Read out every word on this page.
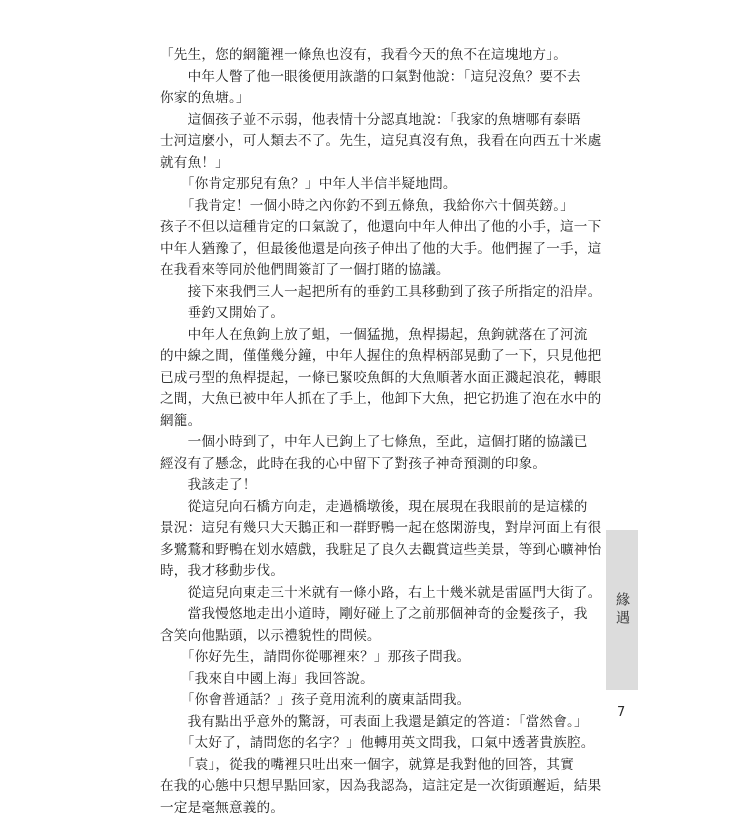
「先生，您的網籠裡一條魚也沒有，我看今天的魚不在這塊地方」。
　　中年人瞥了他一眼後便用詼諧的口氣對他說：「這兒沒魚？要不去
你家的魚塘。」
　　這個孩子並不示弱，他表情十分認真地說：「我家的魚塘哪有泰晤
士河這麼小，可人類去不了。先生，這兒真沒有魚，我看在向西五十米處
就有魚！」
　　「你肯定那兒有魚？」中年人半信半疑地問。
　　「我肯定！一個小時之內你釣不到五條魚，我給你六十個英鎊。」
孩子不但以這種肯定的口氣說了，他還向中年人伸出了他的小手，這一下
中年人猶豫了，但最後他還是向孩子伸出了他的大手。他們握了一手，這
在我看來等同於他們間簽訂了一個打賭的協議。
　　接下來我們三人一起把所有的垂釣工具移動到了孩子所指定的沿岸。
　　垂釣又開始了。
　　中年人在魚鉤上放了蛆，一個猛拋，魚桿揚起，魚鉤就落在了河流
的中線之間，僅僅幾分鐘，中年人握住的魚桿柄部晃動了一下，只見他把
已成弓型的魚桿提起，一條已緊咬魚餌的大魚順著水面正濺起浪花，轉眼
之間，大魚已被中年人抓在了手上，他卸下大魚，把它扔進了泡在水中的
網籠。
　　一個小時到了，中年人已鉤上了七條魚，至此，這個打賭的協議已
經沒有了懸念，此時在我的心中留下了對孩子神奇預測的印象。
　　我該走了！
　　從這兒向石橋方向走，走過橋墩後，現在展現在我眼前的是這樣的
景況：這兒有幾只大天鵝正和一群野鴨一起在悠閑游曳，對岸河面上有很
多鷺鶩和野鴨在划水嬉戲，我駐足了良久去觀賞這些美景，等到心曠神怡
時，我才移動步伐。
　　從這兒向東走三十米就有一條小路，右上十幾米就是雷區門大街了。
　　當我慢悠地走出小道時，剛好碰上了之前那個神奇的金髮孩子，我
含笑向他點頭，以示禮貌性的問候。
　　「你好先生，請問你從哪裡來？」那孩子問我。
　　「我來自中國上海」我回答說。
　　「你會普通話？」孩子竟用流利的廣東話問我。
　　我有點出乎意外的驚訝，可表面上我還是鎮定的答道：「當然會。」
　　「太好了，請問您的名字？」他轉用英文問我，口氣中透著貴族腔。
　　「袁」，從我的嘴裡只吐出來一個字，就算是我對他的回答，其實
在我的心態中只想早點回家，因為我認為，這註定是一次街頭邂逅，結果
一定是毫無意義的。
緣遇
7
